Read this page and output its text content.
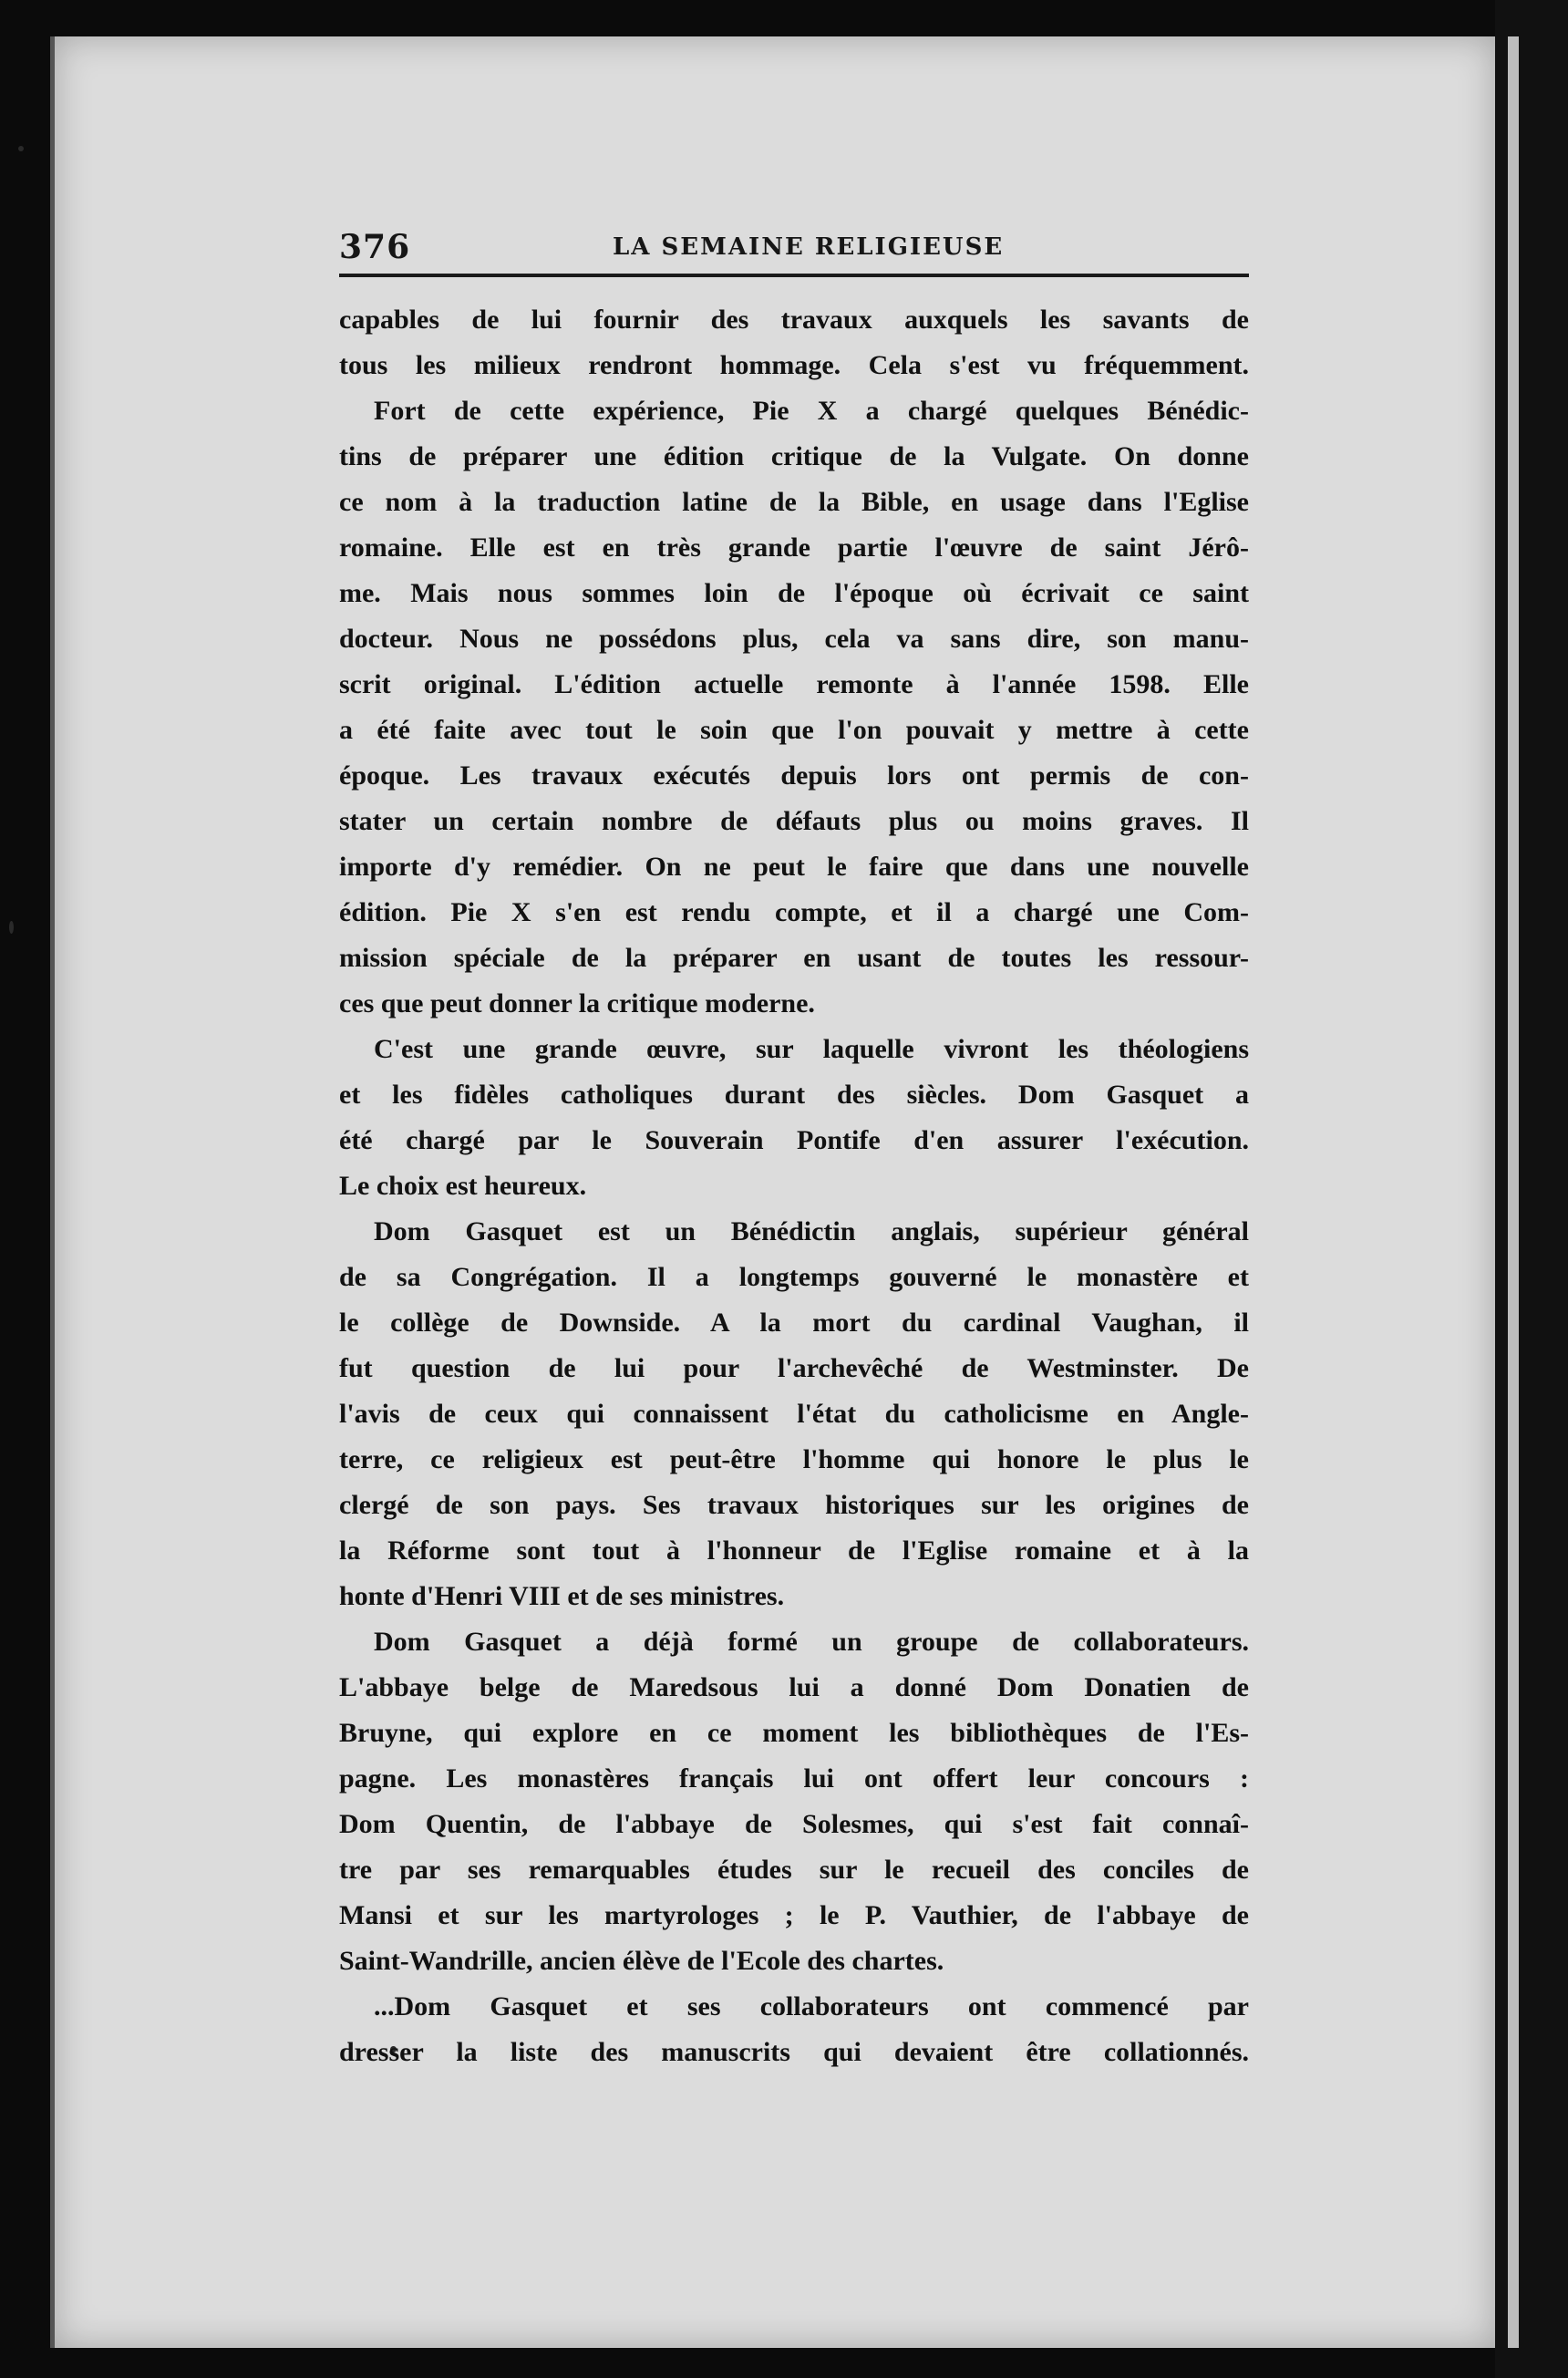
376	LA SEMAINE RELIGIEUSE
capables de lui fournir des travaux auxquels les savants de
tous les milieux rendront hommage. Cela s'est vu fréquemment.
Fort de cette expérience, Pie X a chargé quelques Bénédic-
tins de préparer une édition critique de la Vulgate. On donne
ce nom à la traduction latine de la Bible, en usage dans l'Eglise
romaine. Elle est en très grande partie l'œuvre de saint Jérô-
me. Mais nous sommes loin de l'époque où écrivait ce saint
docteur. Nous ne possédons plus, cela va sans dire, son manu-
scrit original. L'édition actuelle remonte à l'année 1598. Elle
a été faite avec tout le soin que l'on pouvait y mettre à cette
époque. Les travaux exécutés depuis lors ont permis de con-
stater un certain nombre de défauts plus ou moins graves. Il
importe d'y remédier. On ne peut le faire que dans une nouvelle
édition. Pie X s'en est rendu compte, et il a chargé une Com-
mission spéciale de la préparer en usant de toutes les ressour-
ces que peut donner la critique moderne.
C'est une grande œuvre, sur laquelle vivront les théologiens
et les fidèles catholiques durant des siècles. Dom Gasquet a
été chargé par le Souverain Pontife d'en assurer l'exécution.
Le choix est heureux.
Dom Gasquet est un Bénédictin anglais, supérieur général
de sa Congrégation. Il a longtemps gouverné le monastère et
le collège de Downside. A la mort du cardinal Vaughan, il
fut question de lui pour l'archevêché de Westminster. De
l'avis de ceux qui connaissent l'état du catholicisme en Angle-
terre, ce religieux est peut-être l'homme qui honore le plus le
clergé de son pays. Ses travaux historiques sur les origines de
la Réforme sont tout à l'honneur de l'Eglise romaine et à la
honte d'Henri VIII et de ses ministres.
Dom Gasquet a déjà formé un groupe de collaborateurs.
L'abbaye belge de Maredsous lui a donné Dom Donatien de
Bruyne, qui explore en ce moment les bibliothèques de l'Es-
pagne. Les monastères français lui ont offert leur concours :
Dom Quentin, de l'abbaye de Solesmes, qui s'est fait connaî-
tre par ses remarquables études sur le recueil des conciles de
Mansi et sur les martyrologes ; le P. Vauthier, de l'abbaye de
Saint-Wandrille, ancien élève de l'Ecole des chartes.
...Dom Gasquet et ses collaborateurs ont commencé par
dresser la liste des manuscrits qui devaient être collationnés.
